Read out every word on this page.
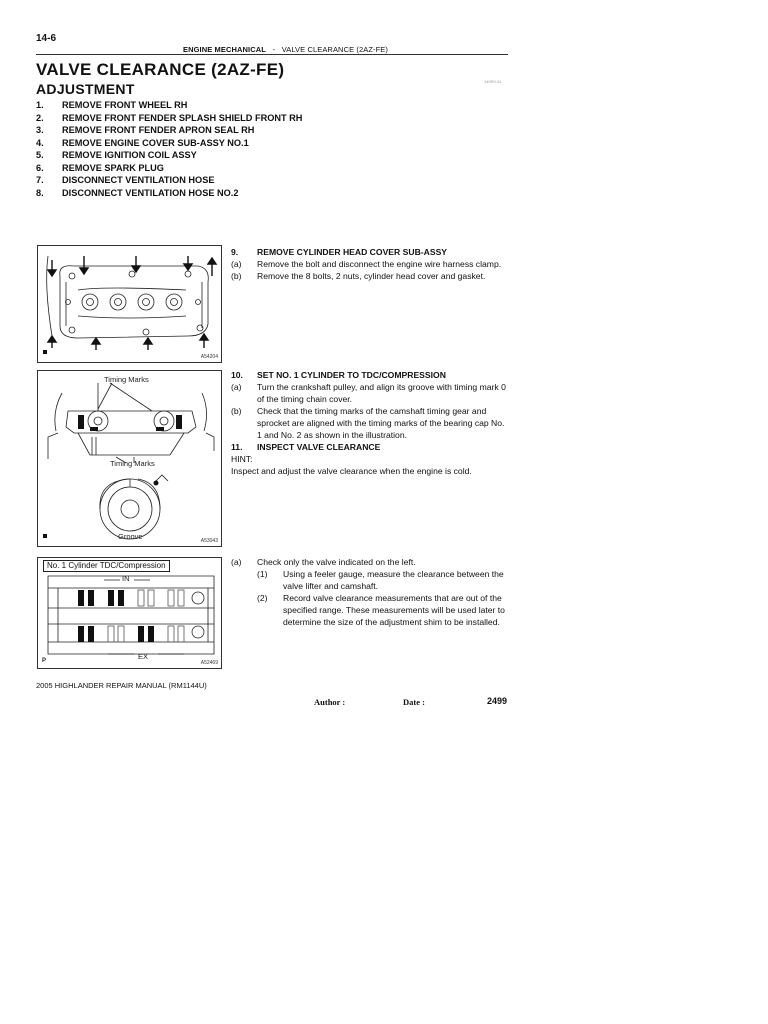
14-6
ENGINE MECHANICAL - VALVE CLEARANCE (2AZ-FE)
VALVE CLEARANCE (2AZ-FE)
140R0-01
ADJUSTMENT
1.	REMOVE FRONT WHEEL RH
2.	REMOVE FRONT FENDER SPLASH SHIELD FRONT RH
3.	REMOVE FRONT FENDER APRON SEAL RH
4.	REMOVE ENGINE COVER SUB-ASSY NO.1
5.	REMOVE IGNITION COIL ASSY
6.	REMOVE SPARK PLUG
7.	DISCONNECT VENTILATION HOSE
8.	DISCONNECT VENTILATION HOSE NO.2
A54204
9.	REMOVE CYLINDER HEAD COVER SUB-ASSY
(a)	Remove the bolt and disconnect the engine wire harness clamp.
(b)	Remove the 8 bolts, 2 nuts, cylinder head cover and gasket.
Timing Marks
Timing Marks
Groove	A53043
10.	SET NO. 1 CYLINDER TO TDC/COMPRESSION
(a)	Turn the crankshaft pulley, and align its groove with timing mark 0 of the timing chain cover.
(b)	Check that the timing marks of the camshaft timing gear and sprocket are aligned with the timing marks of the bearing cap No. 1 and No. 2 as shown in the illustration.
11.	INSPECT VALVE CLEARANCE
HINT:
Inspect and adjust the valve clearance when the engine is cold.
No. 1 Cylinder TDC/Compression
IN
EX
P	A52469
(a)	Check only the valve indicated on the left.
(1)	Using a feeler gauge, measure the clearance between the valve lifter and camshaft.
(2)	Record valve clearance measurements that are out of the specified range. These measurements will be used later to determine the size of the adjustment shim to be installed.
2005 HIGHLANDER REPAIR MANUAL (RM1144U)
Author :	Date :	2499
